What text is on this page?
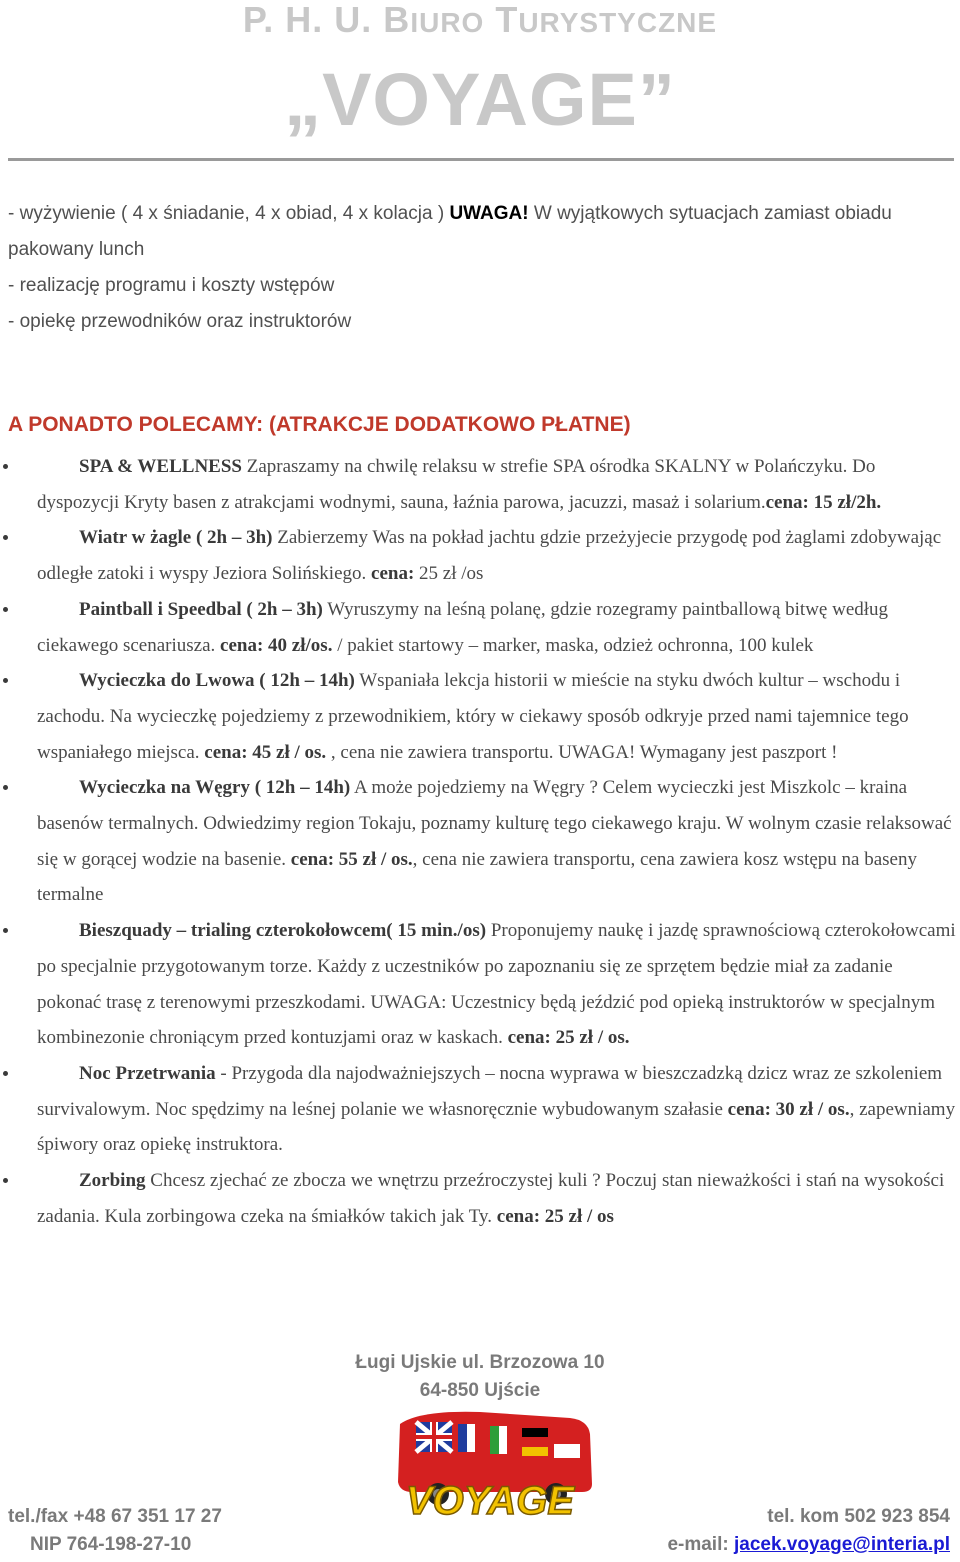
P. H. U. BIURO TURYSTYCZNE
„VOYAGE”

- wyżywienie ( 4 x śniadanie, 4 x obiad, 4 x kolacja ) UWAGA! W wyjątkowych sytuacjach zamiast obiadu pakowany lunch

- realizację programu i koszty wstępów

- opiekę przewodników oraz instruktorów

A PONADTO POLECAMY: (ATRAKCJE DODATKOWO PŁATNE)
SPA & WELLNESS Zapraszamy na chwilę relaksu w strefie SPA ośrodka SKALNY w Polańczyku. Do dyspozycji Kryty basen z atrakcjami wodnymi, sauna, łaźnia parowa, jacuzzi, masaż i solarium.cena: 15 zł/2h.
Wiatr w żagle ( 2h – 3h) Zabierzemy Was na pokład jachtu gdzie przeżyjecie przygodę pod żaglami zdobywając odległe zatoki i wyspy Jeziora Solińskiego. cena: 25 zł /os
Paintball i Speedbal ( 2h – 3h) Wyruszymy na leśną polanę, gdzie rozegramy paintballową bitwę według ciekawego scenariusza. cena: 40 zł/os. / pakiet startowy – marker, maska, odzież ochronna, 100 kulek
Wycieczka do Lwowa ( 12h – 14h) Wspaniała lekcja historii w mieście na styku dwóch kultur – wschodu i zachodu. Na wycieczkę pojedziemy z przewodnikiem, który w ciekawy sposób odkryje przed nami tajemnice tego wspaniałego miejsca. cena: 45 zł / os. , cena nie zawiera transportu. UWAGA! Wymagany jest paszport !
Wycieczka na Węgry ( 12h – 14h) A może pojedziemy na Węgry ? Celem wycieczki jest Miszkolc – kraina basenów termalnych. Odwiedzimy region Tokaju, poznamy kulturę tego ciekawego kraju. W wolnym czasie relaksować się w gorącej wodzie na basenie. cena: 55 zł / os., cena nie zawiera transportu, cena zawiera kosz wstępu na baseny termalne
Bieszquady – trialing czterokołowcem( 15 min./os) Proponujemy naukę i jazdę sprawnościową czterokołowcami po specjalnie przygotowanym torze. Każdy z uczestników po zapoznaniu się ze sprzętem będzie miał za zadanie pokonać trasę z terenowymi przeszkodami. UWAGA: Uczestnicy będą jeździć pod opieką instruktorów w specjalnym kombinezonie chroniącym przed kontuzjami oraz w kaskach. cena: 25 zł / os.
Noc Przetrwania - Przygoda dla najodważniejszych – nocna wyprawa w bieszczadzką dzicz wraz ze szkoleniem survivalowym. Noc spędzimy na leśnej polanie we własnoręcznie wybudowanym szałasie cena: 30 zł / os., zapewniamy śpiwory oraz opiekę instruktora.
Zorbing Chcesz zjechać ze zbocza we wnętrzu przeźroczystej kuli ? Poczuj stan nieważkości i stań na wysokości zadania. Kula zorbingowa czeka na śmiałków takich jak Ty. cena: 25 zł / os
Ługi Ujskie ul. Brzozowa 10
64-850 Ujście
VOYAGE
tel./fax +48 67 351 17 27
NIP 764-198-27-10
tel. kom 502 923 854
e-mail: jacek.voyage@interia.pl
